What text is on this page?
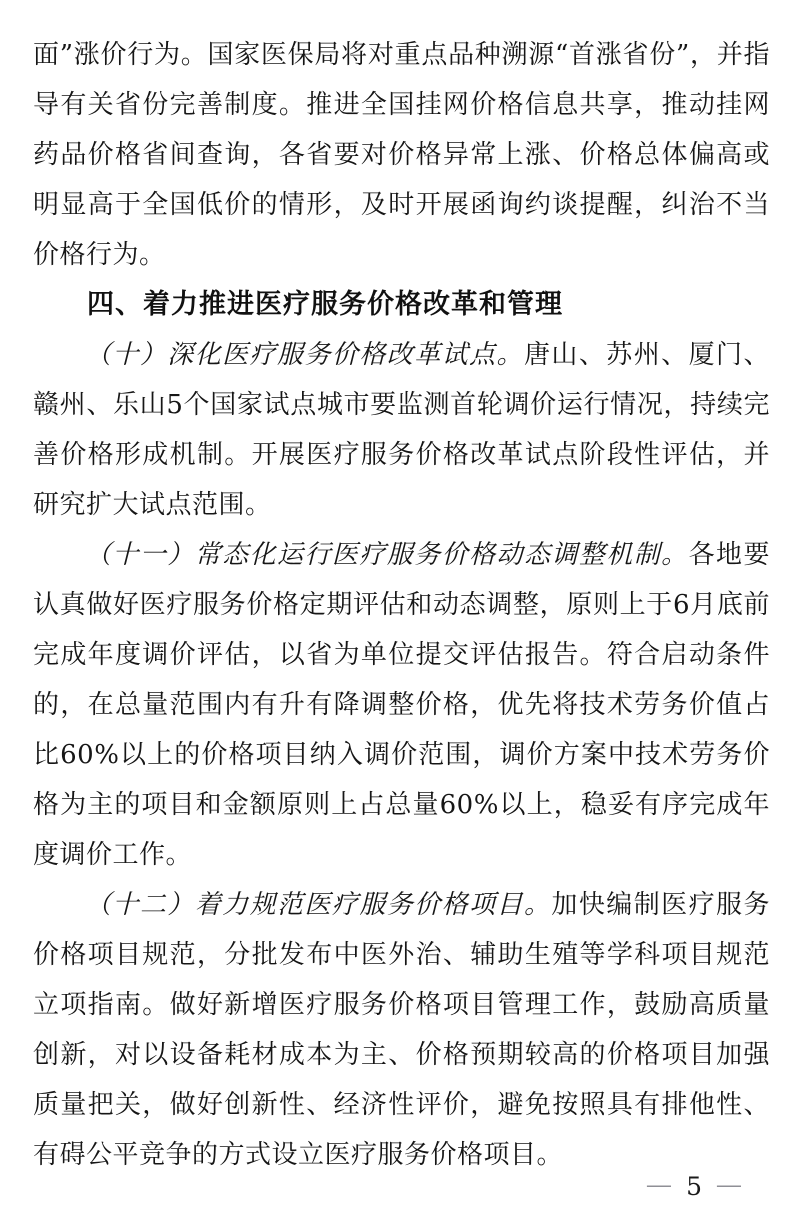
面”涨价行为。国家医保局将对重点品种溯源“首涨省份”，并指导有关省份完善制度。推进全国挂网价格信息共享，推动挂网药品价格省间查询，各省要对价格异常上涨、价格总体偏高或明显高于全国低价的情形，及时开展函询约谈提醒，纠治不当价格行为。

四、着力推进医疗服务价格改革和管理

（十）深化医疗服务价格改革试点。唐山、苏州、厦门、赣州、乐山5个国家试点城市要监测首轮调价运行情况，持续完善价格形成机制。开展医疗服务价格改革试点阶段性评估，并研究扩大试点范围。

（十一）常态化运行医疗服务价格动态调整机制。各地要认真做好医疗服务价格定期评估和动态调整，原则上于6月底前完成年度调价评估，以省为单位提交评估报告。符合启动条件的，在总量范围内有升有降调整价格，优先将技术劳务价值占比60%以上的价格项目纳入调价范围，调价方案中技术劳务价格为主的项目和金额原则上占总量60%以上，稳妥有序完成年度调价工作。

（十二）着力规范医疗服务价格项目。加快编制医疗服务价格项目规范，分批发布中医外治、辅助生殖等学科项目规范立项指南。做好新增医疗服务价格项目管理工作，鼓励高质量创新，对以设备耗材成本为主、价格预期较高的价格项目加强质量把关，做好创新性、经济性评价，避免按照具有排他性、有碍公平竞争的方式设立医疗服务价格项目。

— 5 —
